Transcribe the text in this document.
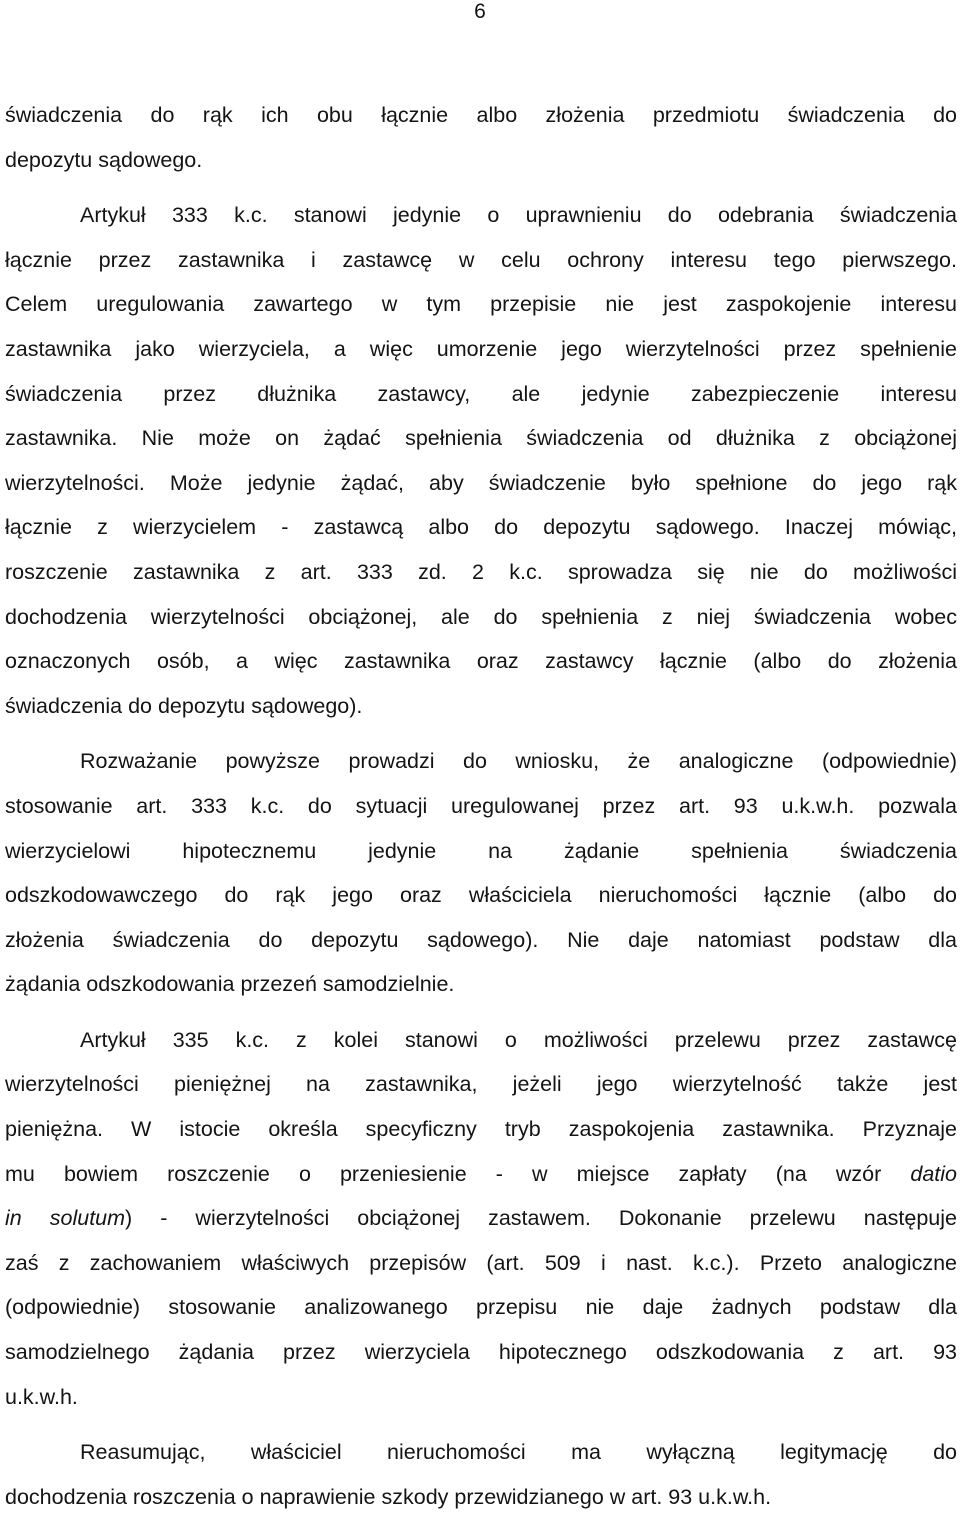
6
świadczenia do rąk ich obu łącznie albo złożenia przedmiotu świadczenia do
depozytu sądowego.
Artykuł 333 k.c. stanowi jedynie o uprawnieniu do odebrania świadczenia
łącznie przez zastawnika i zastawcę w celu ochrony interesu tego pierwszego.
Celem uregulowania zawartego w tym przepisie nie jest zaspokojenie interesu
zastawnika jako wierzyciela, a więc umorzenie jego wierzytelności przez spełnienie
świadczenia przez dłużnika zastawcy, ale jedynie zabezpieczenie interesu
zastawnika. Nie może on żądać spełnienia świadczenia od dłużnika z obciążonej
wierzytelności. Może jedynie żądać, aby świadczenie było spełnione do jego rąk
łącznie z wierzycielem - zastawcą albo do depozytu sądowego. Inaczej mówiąc,
roszczenie zastawnika z art. 333 zd. 2 k.c. sprowadza się nie do możliwości
dochodzenia wierzytelności obciążonej, ale do spełnienia z niej świadczenia wobec
oznaczonych osób, a więc zastawnika oraz zastawcy łącznie (albo do złożenia
świadczenia do depozytu sądowego).
Rozważanie powyższe prowadzi do wniosku, że analogiczne (odpowiednie)
stosowanie art. 333 k.c. do sytuacji uregulowanej przez art. 93 u.k.w.h. pozwala
wierzycielowi hipotecznemu jedynie na żądanie spełnienia świadczenia
odszkodowawczego do rąk jego oraz właściciela nieruchomości łącznie (albo do
złożenia świadczenia do depozytu sądowego). Nie daje natomiast podstaw dla
żądania odszkodowania przezeń samodzielnie.
Artykuł 335 k.c. z kolei stanowi o możliwości przelewu przez zastawcę
wierzytelności pieniężnej na zastawnika, jeżeli jego wierzytelność także jest
pieniężna. W istocie określa specyficzny tryb zaspokojenia zastawnika. Przyznaje
mu bowiem roszczenie o przeniesienie - w miejsce zapłaty (na wzór datio
in solutum) - wierzytelności obciążonej zastawem. Dokonanie przelewu następuje
zaś z zachowaniem właściwych przepisów (art. 509 i nast. k.c.). Przeto analogiczne
(odpowiednie) stosowanie analizowanego przepisu nie daje żadnych podstaw dla
samodzielnego żądania przez wierzyciela hipotecznego odszkodowania z art. 93
u.k.w.h.
Reasumując, właściciel nieruchomości ma wyłączną legitymację do
dochodzenia roszczenia o naprawienie szkody przewidzianego w art. 93 u.k.w.h.
